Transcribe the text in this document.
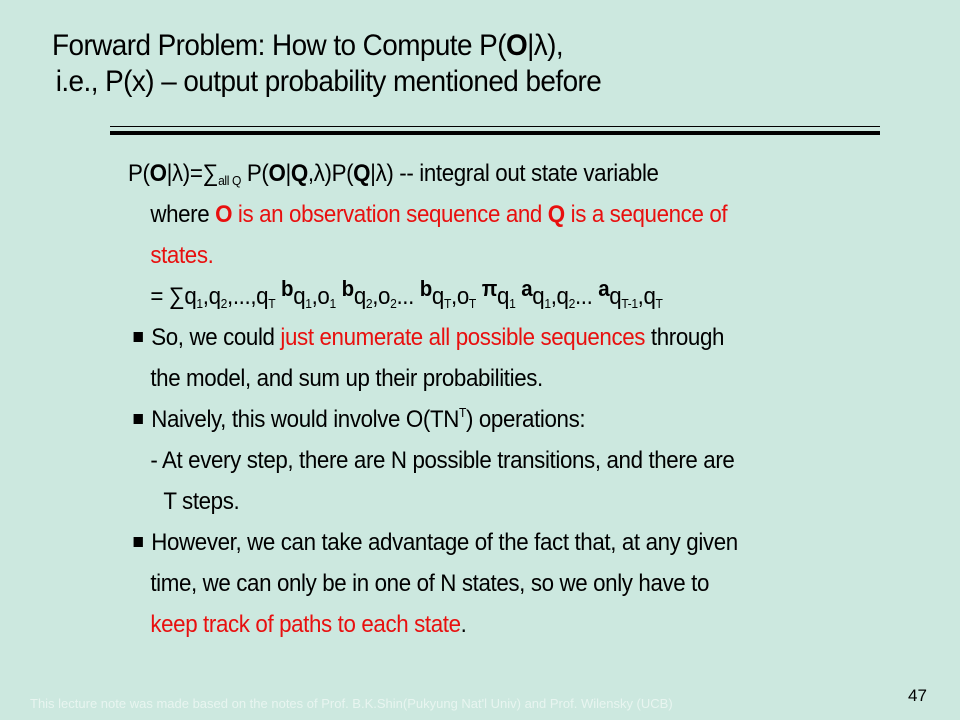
Forward Problem: How to Compute P(O|λ),
i.e., P(x) – output probability mentioned before
$P(O|\lambda)=\sum_{all Q}$ P(O|Q,λ)P(Q|λ) -- integral out state variable
where O is an observation sequence and Q is a sequence of
states.
= $\sum q_1,q_2,...,q_T$ $bq_1,o_1$ $bq_2,o_2$... $bq_T,o_T$ $\pi q_1$ $aq_1,q_2$... $aq_{T-1},q_T$
So, we could just enumerate all possible sequences through
the model, and sum up their probabilities.
Naively, this would involve $O(TN^T)$ operations:
- At every step, there are N possible transitions, and there are
T steps.
However, we can take advantage of the fact that, at any given
time, we can only be in one of N states, so we only have to
keep track of paths to each state.
This lecture note was made based on the notes of Prof. B.K.Shin(Pukyung Nat'l Univ) and Prof. Wilensky (UCB)	47
